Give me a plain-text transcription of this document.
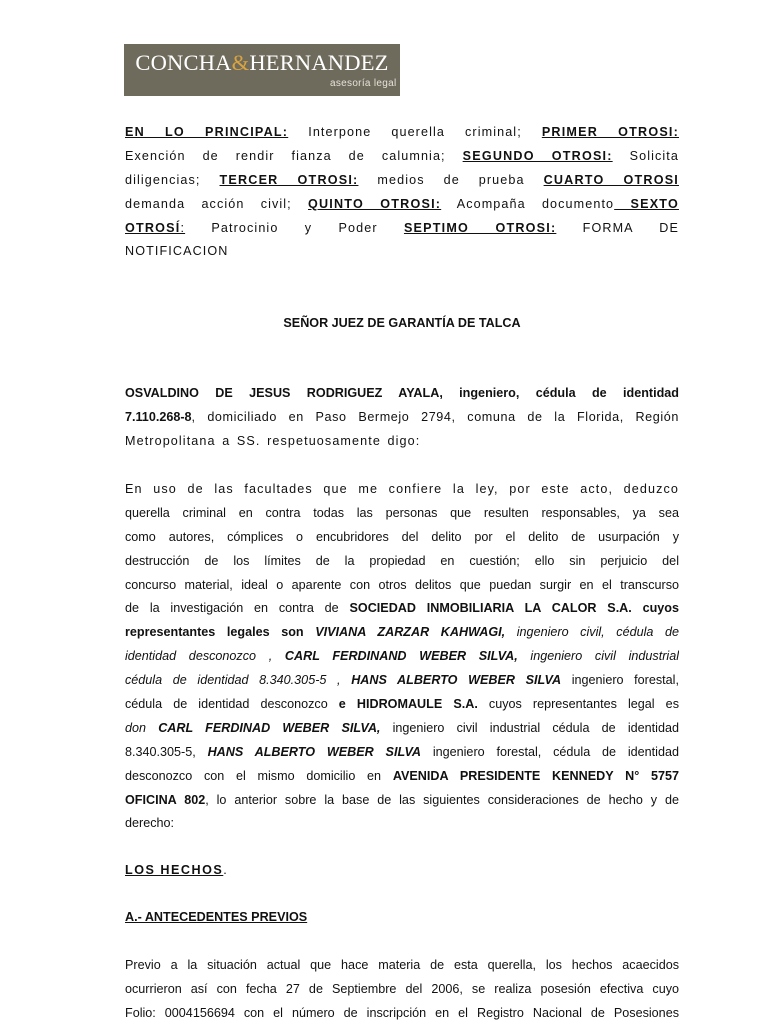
CONCHA&HERNANDEZ
asesoría legal
EN LO PRINCIPAL: Interpone querella criminal; PRIMER OTROSI:
Exención de rendir fianza de calumnia; SEGUNDO OTROSI: Solicita
diligencias; TERCER OTROSI: medios de prueba CUARTO OTROSI
demanda acción civil; QUINTO OTROSI: Acompaña documento SEXTO
OTROSÍ: Patrocinio y Poder SEPTIMO OTROSI: FORMA DE
NOTIFICACION
SEÑOR JUEZ DE GARANTÍA DE TALCA
OSVALDINO DE JESUS RODRIGUEZ AYALA, ingeniero, cédula de identidad
7.110.268-8, domiciliado en Paso Bermejo 2794, comuna de la Florida, Región
Metropolitana a SS. respetuosamente digo:
En uso de las facultades que me confiere la ley, por este acto, deduzco
querella criminal en contra todas las personas que resulten responsables, ya sea
como autores, cómplices o encubridores del delito por el delito de usurpación y
destrucción de los límites de la propiedad en cuestión; ello sin perjuicio del
concurso material, ideal o aparente con otros delitos que puedan surgir en el transcurso
de la investigación en contra de SOCIEDAD INMOBILIARIA LA CALOR S.A. cuyos
representantes legales son VIVIANA ZARZAR KAHWAGI, ingeniero civil, cédula de
identidad desconozco , CARL FERDINAND WEBER SILVA, ingeniero civil industrial
cédula de identidad 8.340.305-5 , HANS ALBERTO WEBER SILVA ingeniero forestal,
cédula de identidad desconozco e HIDROMAULE S.A. cuyos representantes legal es
don CARL FERDINAD WEBER SILVA, ingeniero civil industrial cédula de identidad
8.340.305-5, HANS ALBERTO WEBER SILVA ingeniero forestal, cédula de identidad
desconozco con el mismo domicilio en AVENIDA PRESIDENTE KENNEDY N° 5757
OFICINA 802, lo anterior sobre la base de las siguientes consideraciones de hecho y de
derecho:
LOS HECHOS.
A.- ANTECEDENTES PREVIOS
Previo a la situación actual que hace materia de esta querella, los hechos acaecidos
ocurrieron así con fecha 27 de Septiembre del 2006, se realiza posesión efectiva cuyo
Folio: 0004156694 con el número de inscripción en el Registro Nacional de Posesiones
